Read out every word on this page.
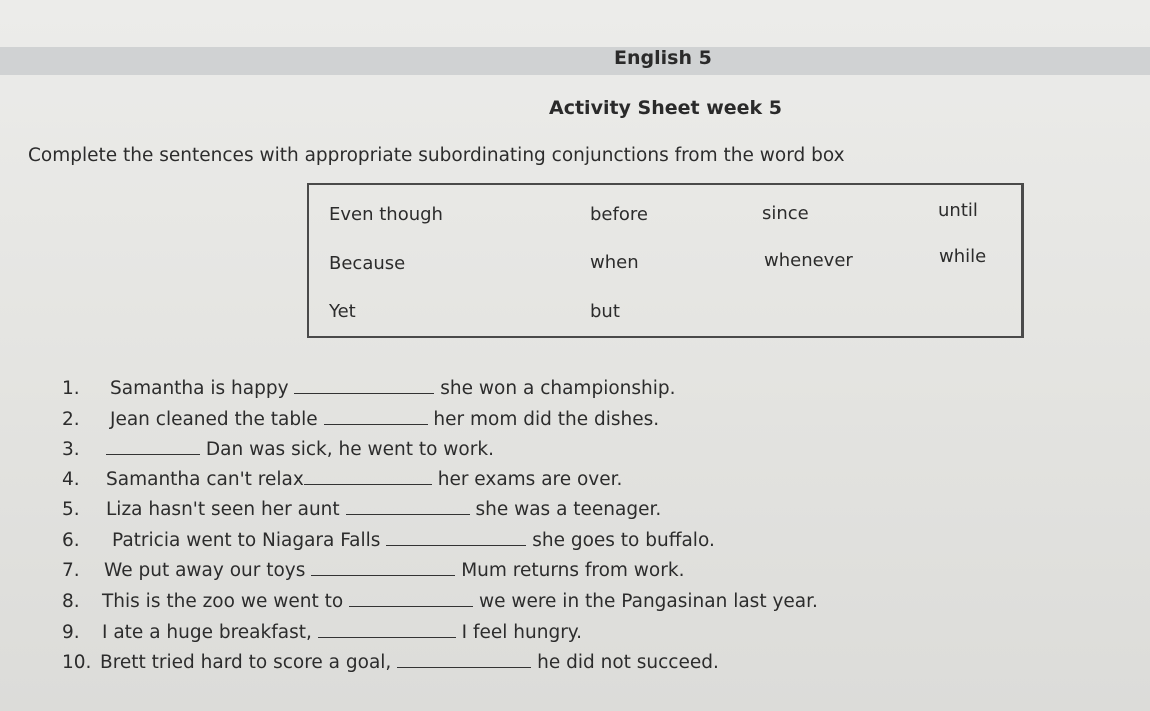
English 5
Activity Sheet week 5
Complete the sentences with appropriate subordinating conjunctions from the word box
Even though	before	since	until
Because	when	whenever	while
Yet	but
1. Samantha is happy	she won a championship.
2. Jean cleaned the table	her mom did the dishes.
3.	Dan was sick, he went to work.
4. Samantha can't relax	her exams are over.
5. Liza hasn't seen her aunt	she was a teenager.
6. Patricia went to Niagara Falls	she goes to buffalo.
7. We put away our toys	Mum returns from work.
8. This is the zoo we went to	we were in the Pangasinan last year.
9. I ate a huge breakfast,	I feel hungry.
10. Brett tried hard to score a goal,	he did not succeed.
